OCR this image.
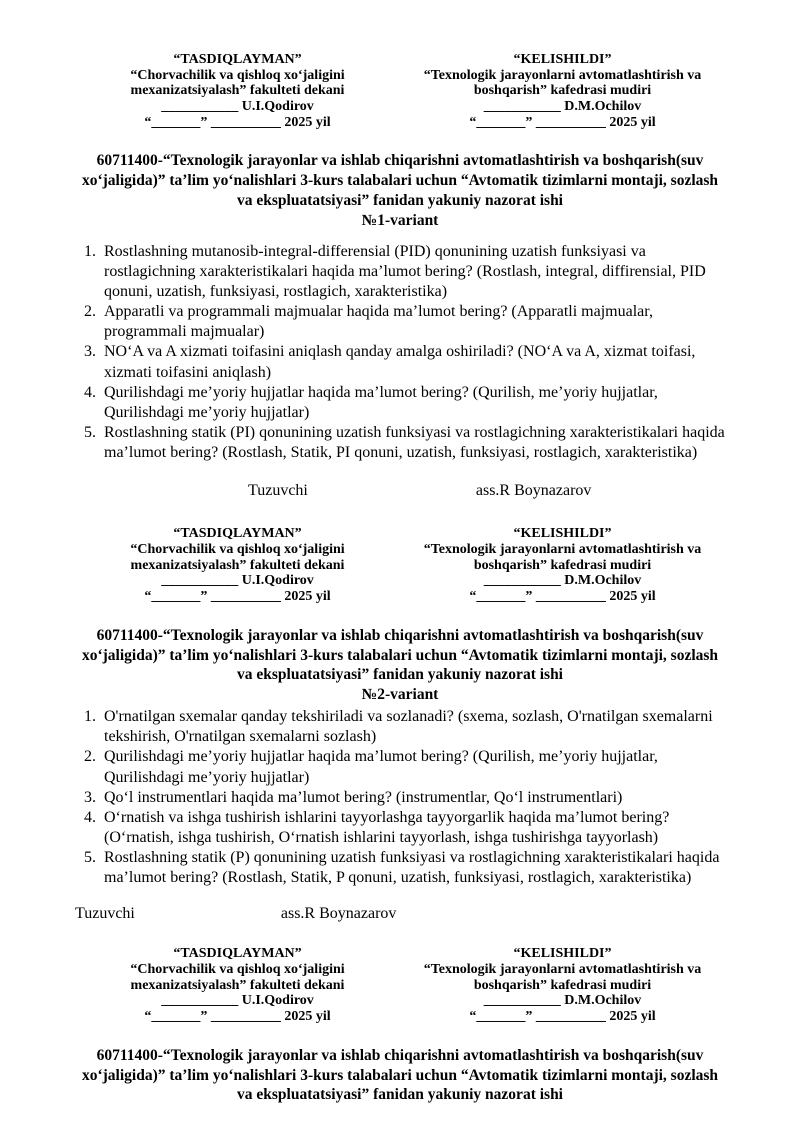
“TASDIQLAYMAN”
“Chorvachilik va qishloq xo‘jaligini
mexanizatsiyalash” fakulteti dekani
___________ U.I.Qodirov
“_______” __________ 2025 yil
“KELISHILDI”
“Texnologik jarayonlarni avtomatlashtirish va
boshqarish” kafedrasi mudiri
___________ D.M.Ochilov
“_______” __________ 2025 yil
60711400-“Texnologik jarayonlar va ishlab chiqarishni avtomatlashtirish va boshqarish(suv xo‘jaligida)” ta’lim yo‘nalishlari 3-kurs talabalari uchun “Avtomatik tizimlarni montaji, sozlash va ekspluatatsiyasi” fanidan yakuniy nazorat ishi
№1-variant
1. Rostlashning mutanosib-integral-differensial (PID) qonunining uzatish funksiyasi va rostlagichning xarakteristikalari haqida ma’lumot bering? (Rostlash, integral, diffirensial, PID qonuni, uzatish, funksiyasi, rostlagich, xarakteristika)
2. Apparatli va programmali majmualar haqida ma’lumot bering? (Apparatli majmualar, programmali majmualar)
3. NO‘A va A xizmati toifasini aniqlash qanday amalga oshiriladi? (NO‘A va A, xizmat toifasi, xizmati toifasini aniqlash)
4. Qurilishdagi me’yoriy hujjatlar haqida ma’lumot bering? (Qurilish, me’yoriy hujjatlar, Qurilishdagi me’yoriy hujjatlar)
5. Rostlashning statik (PI) qonunining uzatish funksiyasi va rostlagichning xarakteristikalari haqida ma’lumot bering? (Rostlash, Statik, PI qonuni, uzatish, funksiyasi, rostlagich, xarakteristika)
Tuzuvchi	ass.R Boynazarov
“TASDIQLAYMAN”
“Chorvachilik va qishloq xo‘jaligini
mexanizatsiyalash” fakulteti dekani
___________ U.I.Qodirov
“_______” __________ 2025 yil
“KELISHILDI”
“Texnologik jarayonlarni avtomatlashtirish va
boshqarish” kafedrasi mudiri
___________ D.M.Ochilov
“_______” __________ 2025 yil
60711400-“Texnologik jarayonlar va ishlab chiqarishni avtomatlashtirish va boshqarish(suv xo‘jaligida)” ta’lim yo‘nalishlari 3-kurs talabalari uchun “Avtomatik tizimlarni montaji, sozlash va ekspluatatsiyasi” fanidan yakuniy nazorat ishi
№2-variant
1. O'rnatilgan sxemalar qanday tekshiriladi va sozlanadi? (sxema, sozlash, O'rnatilgan sxemalarni tekshirish, O'rnatilgan sxemalarni sozlash)
2. Qurilishdagi me’yoriy hujjatlar haqida ma’lumot bering? (Qurilish, me’yoriy hujjatlar, Qurilishdagi me’yoriy hujjatlar)
3. Qo‘l instrumentlari haqida ma’lumot bering? (instrumentlar, Qo‘l instrumentlari)
4. O‘rnatish va ishga tushirish ishlarini tayyorlashga tayyorgarlik haqida ma’lumot bering? (O‘rnatish, ishga tushirish, O‘rnatish ishlarini tayyorlash, ishga tushirishga tayyorlash)
5. Rostlashning statik (P) qonunining uzatish funksiyasi va rostlagichning xarakteristikalari haqida ma’lumot bering? (Rostlash, Statik, P qonuni, uzatish, funksiyasi, rostlagich, xarakteristika)
Tuzuvchi	ass.R Boynazarov
“TASDIQLAYMAN”
“Chorvachilik va qishloq xo‘jaligini
mexanizatsiyalash” fakulteti dekani
___________ U.I.Qodirov
“_______” __________ 2025 yil
“KELISHILDI”
“Texnologik jarayonlarni avtomatlashtirish va
boshqarish” kafedrasi mudiri
___________ D.M.Ochilov
“_______” __________ 2025 yil
60711400-“Texnologik jarayonlar va ishlab chiqarishni avtomatlashtirish va boshqarish(suv xo‘jaligida)” ta’lim yo‘nalishlari 3-kurs talabalari uchun “Avtomatik tizimlarni montaji, sozlash va ekspluatatsiyasi” fanidan yakuniy nazorat ishi
